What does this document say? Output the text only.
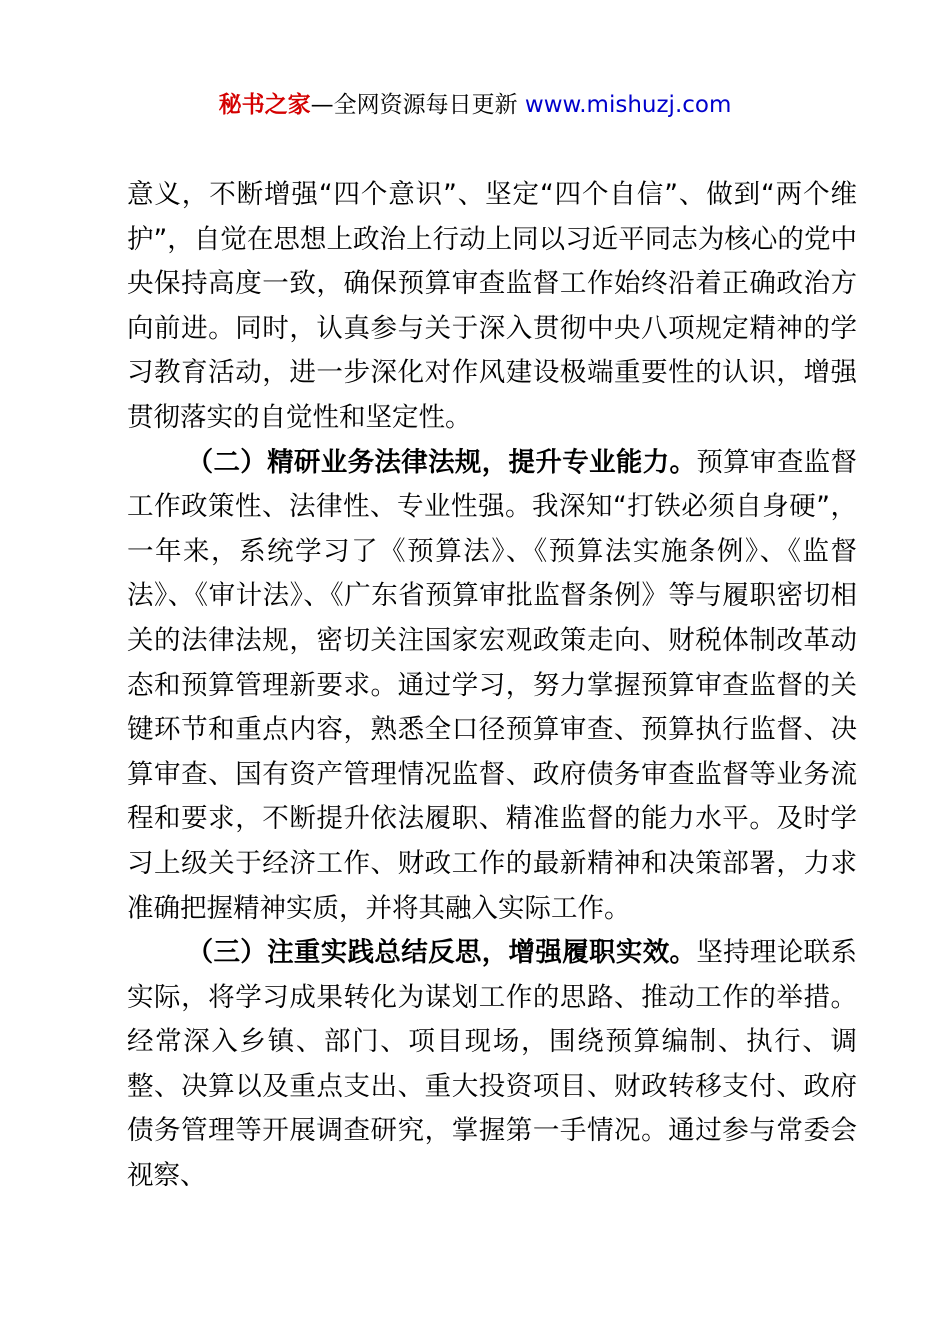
秘书之家—全网资源每日更新 www.mishuzj.com

意义，不断增强“四个意识”、坚定“四个自信”、做到“两个维护”，自觉在思想上政治上行动上同以习近平同志为核心的党中央保持高度一致，确保预算审查监督工作始终沿着正确政治方向前进。同时，认真参与关于深入贯彻中央八项规定精神的学习教育活动，进一步深化对作风建设极端重要性的认识，增强贯彻落实的自觉性和坚定性。

（二）精研业务法律法规，提升专业能力。预算审查监督工作政策性、法律性、专业性强。我深知“打铁必须自身硬”，一年来，系统学习了《预算法》、《预算法实施条例》、《监督法》、《审计法》、《广东省预算审批监督条例》等与履职密切相关的法律法规，密切关注国家宏观政策走向、财税体制改革动态和预算管理新要求。通过学习，努力掌握预算审查监督的关键环节和重点内容，熟悉全口径预算审查、预算执行监督、决算审查、国有资产管理情况监督、政府债务审查监督等业务流程和要求，不断提升依法履职、精准监督的能力水平。及时学习上级关于经济工作、财政工作的最新精神和决策部署，力求准确把握精神实质，并将其融入实际工作。

（三）注重实践总结反思，增强履职实效。坚持理论联系实际，将学习成果转化为谋划工作的思路、推动工作的举措。经常深入乡镇、部门、项目现场，围绕预算编制、执行、调整、决算以及重点支出、重大投资项目、财政转移支付、政府债务管理等开展调查研究，掌握第一手情况。通过参与常委会视察、
